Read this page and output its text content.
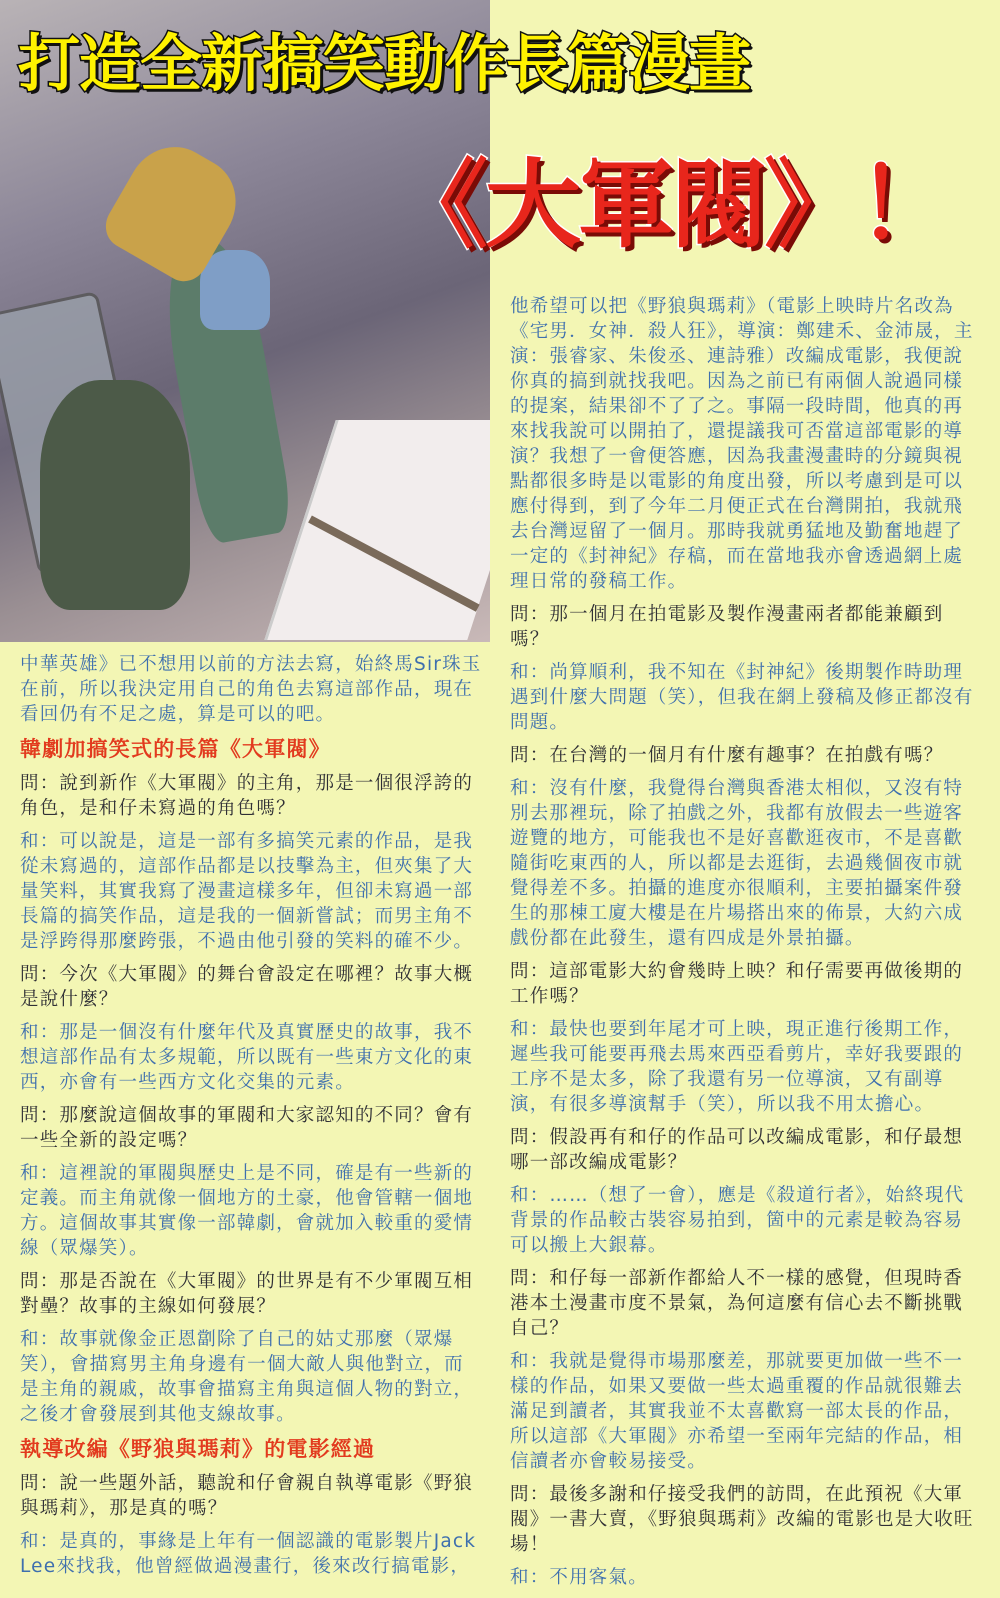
打造全新搞笑動作長篇漫畫
《大軍閥》！

他希望可以把《野狼與瑪莉》（電影上映時片名改為《宅男．女神．殺人狂》，導演：鄭建禾、金沛晟，主演：張睿家、朱俊丞、連詩雅）改編成電影，我便說你真的搞到就找我吧。因為之前已有兩個人說過同樣的提案，結果卻不了了之。事隔一段時間，他真的再來找我說可以開拍了，還提議我可否當這部電影的導演？我想了一會便答應，因為我畫漫畫時的分鏡與視點都很多時是以電影的角度出發，所以考慮到是可以應付得到，到了今年二月便正式在台灣開拍，我就飛去台灣逗留了一個月。那時我就勇猛地及勤奮地趕了一定的《封神紀》存稿，而在當地我亦會透過網上處理日常的發稿工作。

問：那一個月在拍電影及製作漫畫兩者都能兼顧到嗎？

和：尚算順利，我不知在《封神紀》後期製作時助理遇到什麼大問題（笑），但我在網上發稿及修正都沒有問題。

問：在台灣的一個月有什麼有趣事？在拍戲有嗎？

和：沒有什麼，我覺得台灣與香港太相似，又沒有特別去那裡玩，除了拍戲之外，我都有放假去一些遊客遊覽的地方，可能我也不是好喜歡逛夜市，不是喜歡隨街吃東西的人，所以都是去逛街，去過幾個夜市就覺得差不多。拍攝的進度亦很順利，主要拍攝案件發生的那棟工廈大樓是在片場搭出來的佈景，大約六成戲份都在此發生，還有四成是外景拍攝。

問：這部電影大約會幾時上映？和仔需要再做後期的工作嗎？

和：最快也要到年尾才可上映，現正進行後期工作，遲些我可能要再飛去馬來西亞看剪片，幸好我要跟的工序不是太多，除了我還有另一位導演，又有副導演，有很多導演幫手（笑），所以我不用太擔心。

問：假設再有和仔的作品可以改編成電影，和仔最想哪一部改編成電影？

和：……（想了一會），應是《殺道行者》，始終現代背景的作品較古裝容易拍到，箇中的元素是較為容易可以搬上大銀幕。

問：和仔每一部新作都給人不一樣的感覺，但現時香港本土漫畫市度不景氣，為何這麼有信心去不斷挑戰自己？

和：我就是覺得市場那麼差，那就要更加做一些不一樣的作品，如果又要做一些太過重覆的作品就很難去滿足到讀者，其實我並不太喜歡寫一部太長的作品，所以這部《大軍閥》亦希望一至兩年完結的作品，相信讀者亦會較易接受。

問：最後多謝和仔接受我們的訪問，在此預祝《大軍閥》一書大賣，《野狼與瑪莉》改編的電影也是大收旺場！

和：不用客氣。

中華英雄》已不想用以前的方法去寫，始終馬Sir珠玉在前，所以我決定用自己的角色去寫這部作品，現在看回仍有不足之處，算是可以的吧。

韓劇加搞笑式的長篇《大軍閥》

問：說到新作《大軍閥》的主角，那是一個很浮誇的角色，是和仔未寫過的角色嗎？

和：可以說是，這是一部有多搞笑元素的作品，是我從未寫過的，這部作品都是以技擊為主，但夾集了大量笑料，其實我寫了漫畫這樣多年，但卻未寫過一部長篇的搞笑作品，這是我的一個新嘗試；而男主角不是浮跨得那麼跨張，不過由他引發的笑料的確不少。

問：今次《大軍閥》的舞台會設定在哪裡？故事大概是說什麼？

和：那是一個沒有什麼年代及真實歷史的故事，我不想這部作品有太多規範，所以既有一些東方文化的東西，亦會有一些西方文化交集的元素。

問：那麼說這個故事的軍閥和大家認知的不同？會有一些全新的設定嗎？

和：這裡說的軍閥與歷史上是不同，確是有一些新的定義。而主角就像一個地方的土豪，他會管轄一個地方。這個故事其實像一部韓劇，會就加入較重的愛情線（眾爆笑）。

問：那是否說在《大軍閥》的世界是有不少軍閥互相對壘？故事的主線如何發展？

和：故事就像金正恩劏除了自己的姑丈那麼（眾爆笑），會描寫男主角身邊有一個大敵人與他對立，而是主角的親戚，故事會描寫主角與這個人物的對立，之後才會發展到其他支線故事。

執導改編《野狼與瑪莉》的電影經過

問：說一些題外話，聽說和仔會親自執導電影《野狼與瑪莉》，那是真的嗎？

和：是真的，事緣是上年有一個認識的電影製片Jack Lee來找我，他曾經做過漫畫行，後來改行搞電影，
